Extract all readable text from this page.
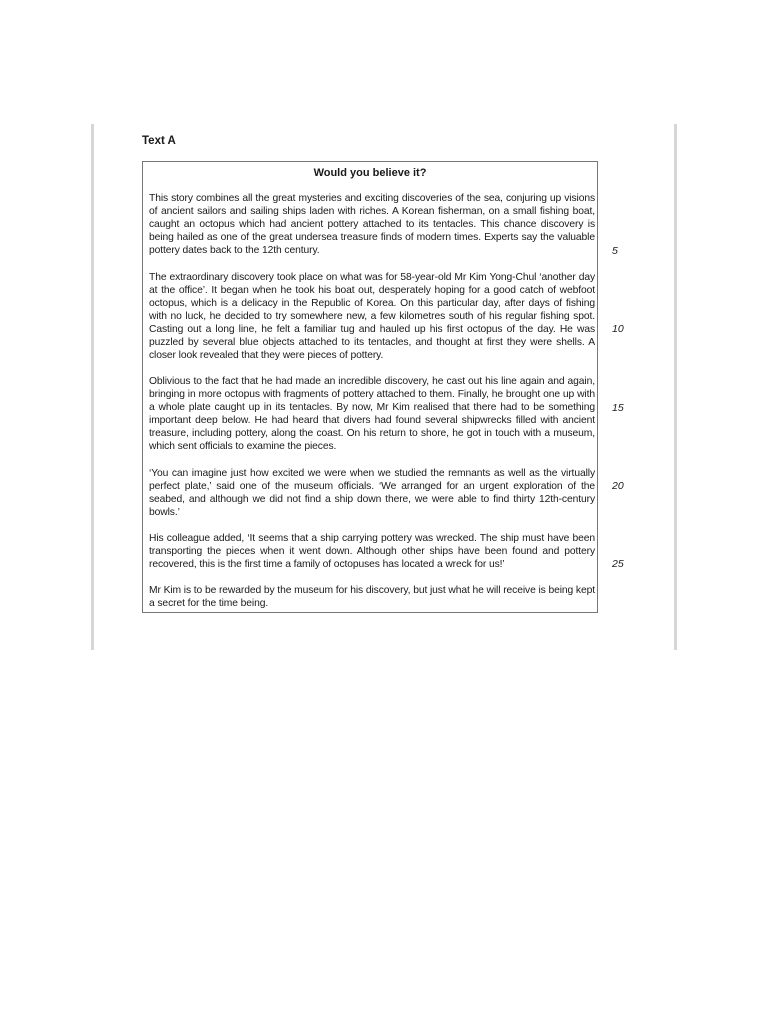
Text A
Would you believe it?

This story combines all the great mysteries and exciting discoveries of the sea, conjuring up visions of ancient sailors and sailing ships laden with riches. A Korean fisherman, on a small fishing boat, caught an octopus which had ancient pottery attached to its tentacles. This chance discovery is being hailed as one of the great undersea treasure finds of modern times. Experts say the valuable pottery dates back to the 12th century.

The extraordinary discovery took place on what was for 58-year-old Mr Kim Yong-Chul ‘another day at the office’. It began when he took his boat out, desperately hoping for a good catch of webfoot octopus, which is a delicacy in the Republic of Korea. On this particular day, after days of fishing with no luck, he decided to try somewhere new, a few kilometres south of his regular fishing spot. Casting out a long line, he felt a familiar tug and hauled up his first octopus of the day. He was puzzled by several blue objects attached to its tentacles, and thought at first they were shells. A closer look revealed that they were pieces of pottery.

Oblivious to the fact that he had made an incredible discovery, he cast out his line again and again, bringing in more octopus with fragments of pottery attached to them. Finally, he brought one up with a whole plate caught up in its tentacles. By now, Mr Kim realised that there had to be something important deep below. He had heard that divers had found several shipwrecks filled with ancient treasure, including pottery, along the coast. On his return to shore, he got in touch with a museum, which sent officials to examine the pieces.

‘You can imagine just how excited we were when we studied the remnants as well as the virtually perfect plate,’ said one of the museum officials. ‘We arranged for an urgent exploration of the seabed, and although we did not find a ship down there, we were able to find thirty 12th-century bowls.’

His colleague added, ‘It seems that a ship carrying pottery was wrecked. The ship must have been transporting the pieces when it went down. Although other ships have been found and pottery recovered, this is the first time a family of octopuses has located a wreck for us!’

Mr Kim is to be rewarded by the museum for his discovery, but just what he will receive is being kept a secret for the time being.

5
10
15
20
25
